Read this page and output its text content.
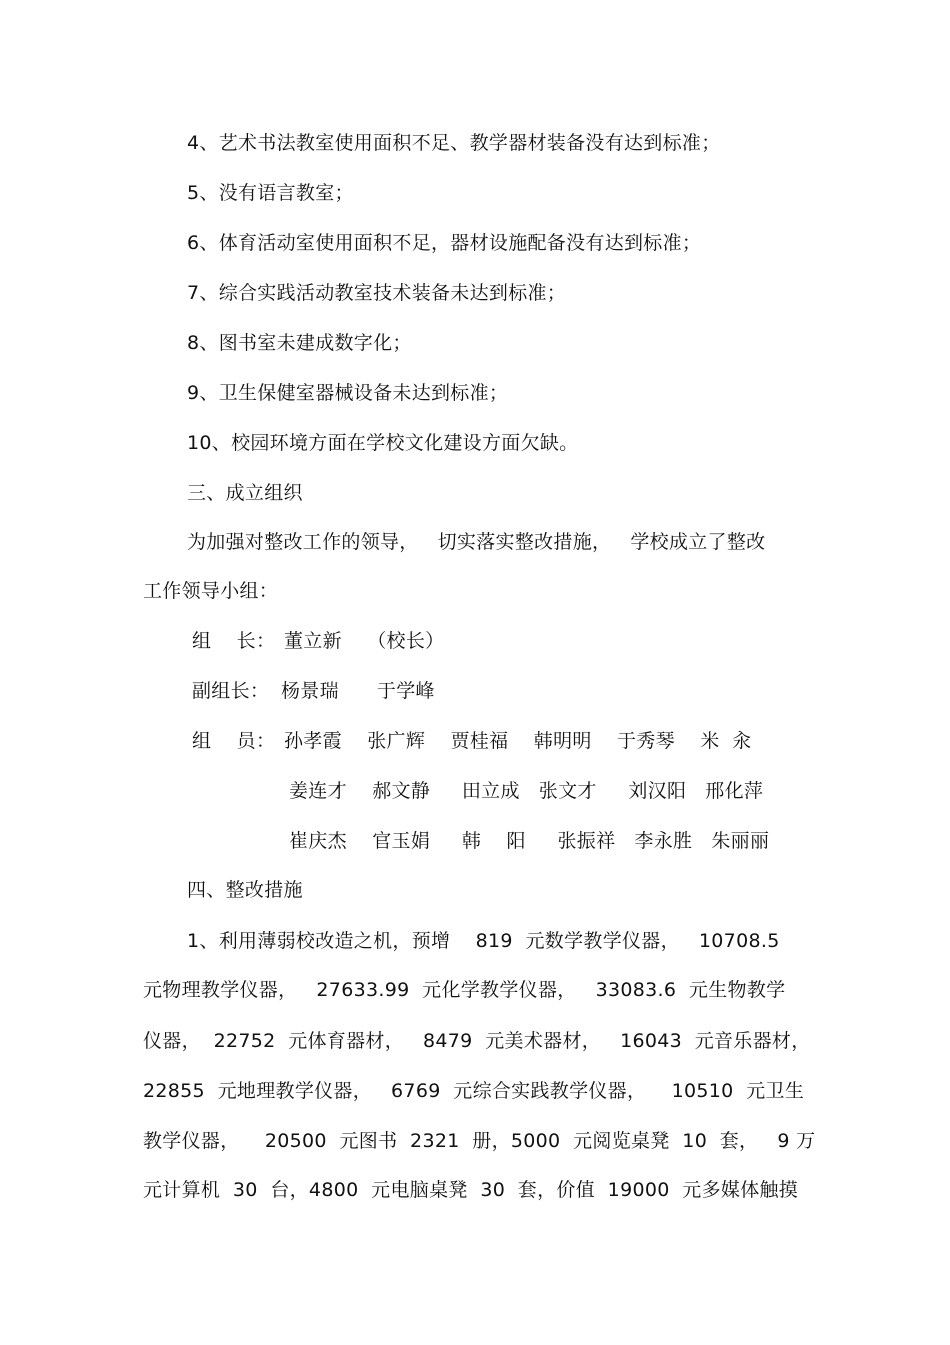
4、艺术书法教室使用面积不足、教学器材装备没有达到标准；
5、没有语言教室；
6、体育活动室使用面积不足，器材设施配备没有达到标准；
7、综合实践活动教室技术装备未达到标准；
8、图书室未建成数字化；
9、卫生保健室器械设备未达到标准；
10、校园环境方面在学校文化建设方面欠缺。
三、成立组织
为加强对整改工作的领导，   切实落实整改措施，   学校成立了整改
工作领导小组：
组    长： 董立新    （校长）
副组长： 杨景瑞      于学峰
组    员： 孙孝霞    张广辉    贾桂福    韩明明    于秀琴    米  汆
姜连才    郝文静     田立成   张文才     刘汉阳   邢化萍
崔庆杰    官玉娟     韩    阳     张振祥   李永胜   朱丽丽
四、整改措施
1、利用薄弱校改造之机，预增    819  元数学教学仪器，   10708.5
元物理教学仪器，   27633.99  元化学教学仪器，   33083.6  元生物教学
仪器，  22752  元体育器材，   8479  元美术器材，   16043  元音乐器材，
22855  元地理教学仪器，   6769  元综合实践教学仪器，    10510  元卫生
教学仪器，    20500  元图书  2321  册，5000  元阅览桌凳  10  套，   9 万
元计算机  30  台，4800  元电脑桌凳  30  套，价值  19000  元多媒体触摸
